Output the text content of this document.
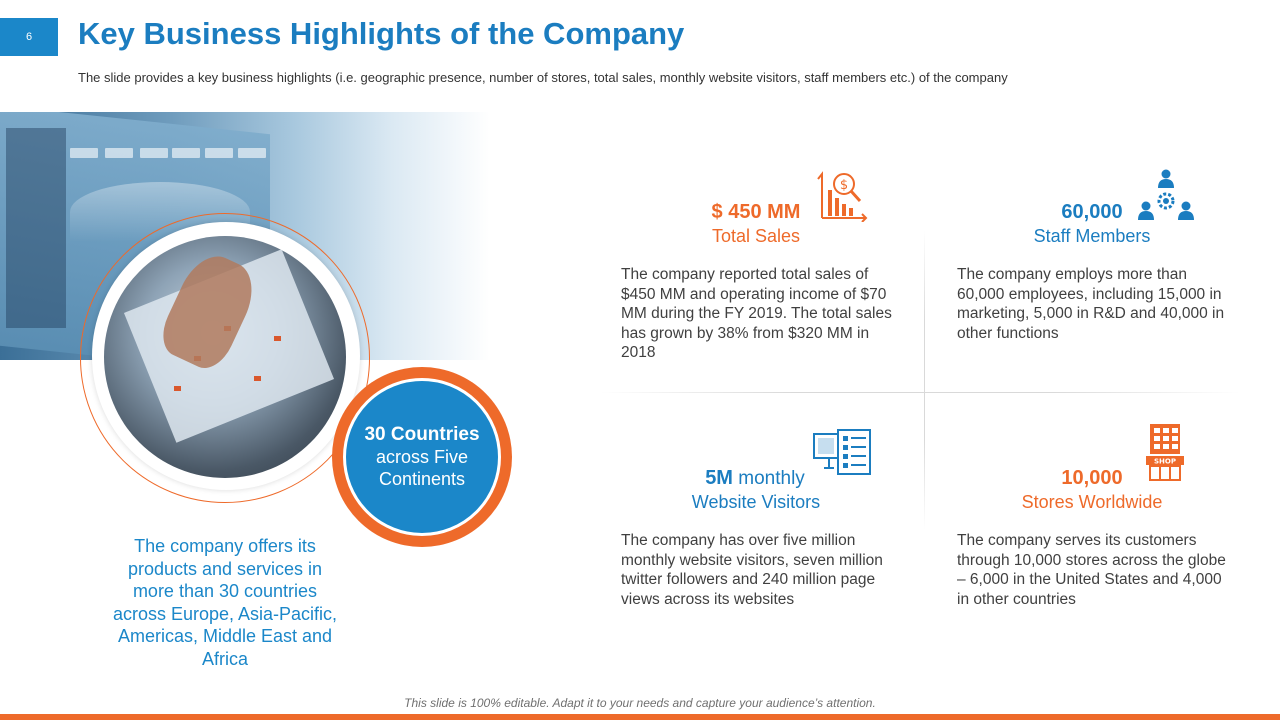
6	Key Business Highlights of the Company
The slide provides a key business highlights (i.e. geographic presence, number of stores, total sales, monthly website visitors, staff members etc.) of the company
30 Countries
across Five
Continents
The company offers its products and services in more than 30 countries across Europe, Asia-Pacific, Americas, Middle East and Africa
$
$ 450 MM
Total Sales
The company reported total sales of $450 MM and operating income of $70 MM during the FY 2019. The total sales has grown by 38% from $320 MM in 2018
60,000
Staff Members
The company employs more than 60,000 employees, including 15,000 in marketing, 5,000 in R&D and 40,000 in other functions
5M monthly
Website Visitors
The company has over five million monthly website visitors, seven million twitter followers and 240 million page views across its websites
SHOP
10,000
Stores Worldwide
The company serves its customers through 10,000 stores across the globe – 6,000 in the United States and 4,000 in other countries
This slide is 100% editable. Adapt it to your needs and capture your audience’s attention.
